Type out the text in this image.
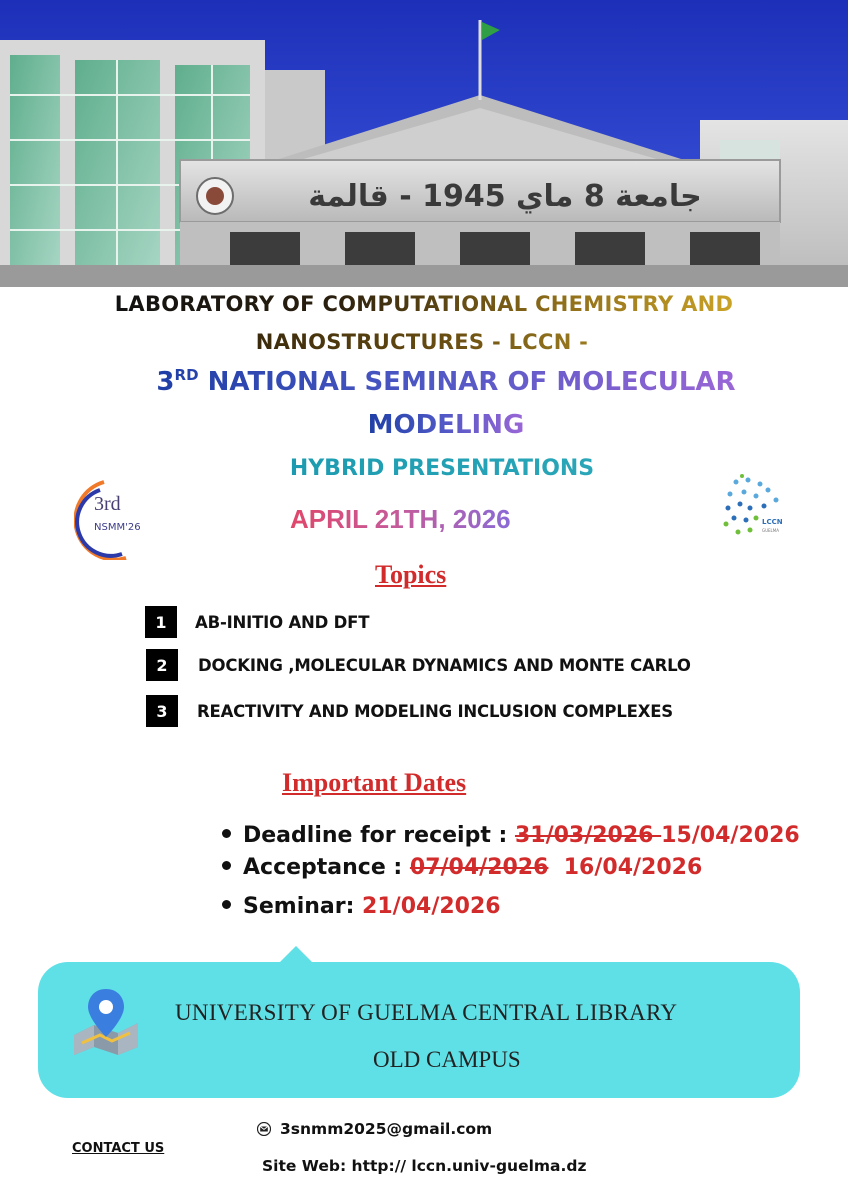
جامعة 8 ماي 1945 - قالمة
LABORATORY OF COMPUTATIONAL CHEMISTRY AND
NANOSTRUCTURES - LCCN -
3RD NATIONAL SEMINAR OF MOLECULAR
MODELING
HYBRID PRESENTATIONS
APRIL 21TH, 2026
3rd
NSMM'26	LCCN
GUELMA
Topics
1	AB-INITIO AND DFT
2	DOCKING ,MOLECULAR DYNAMICS AND MONTE CARLO
3	REACTIVITY AND MODELING INCLUSION COMPLEXES
Important Dates
Deadline for receipt : 31/03/2026 15/04/2026
Acceptance : 07/04/2026  16/04/2026
Seminar: 21/04/2026
UNIVERSITY OF GUELMA CENTRAL LIBRARY
OLD CAMPUS
CONTACT US
3snmm2025@gmail.com
Site Web: http:// lccn.univ-guelma.dz
